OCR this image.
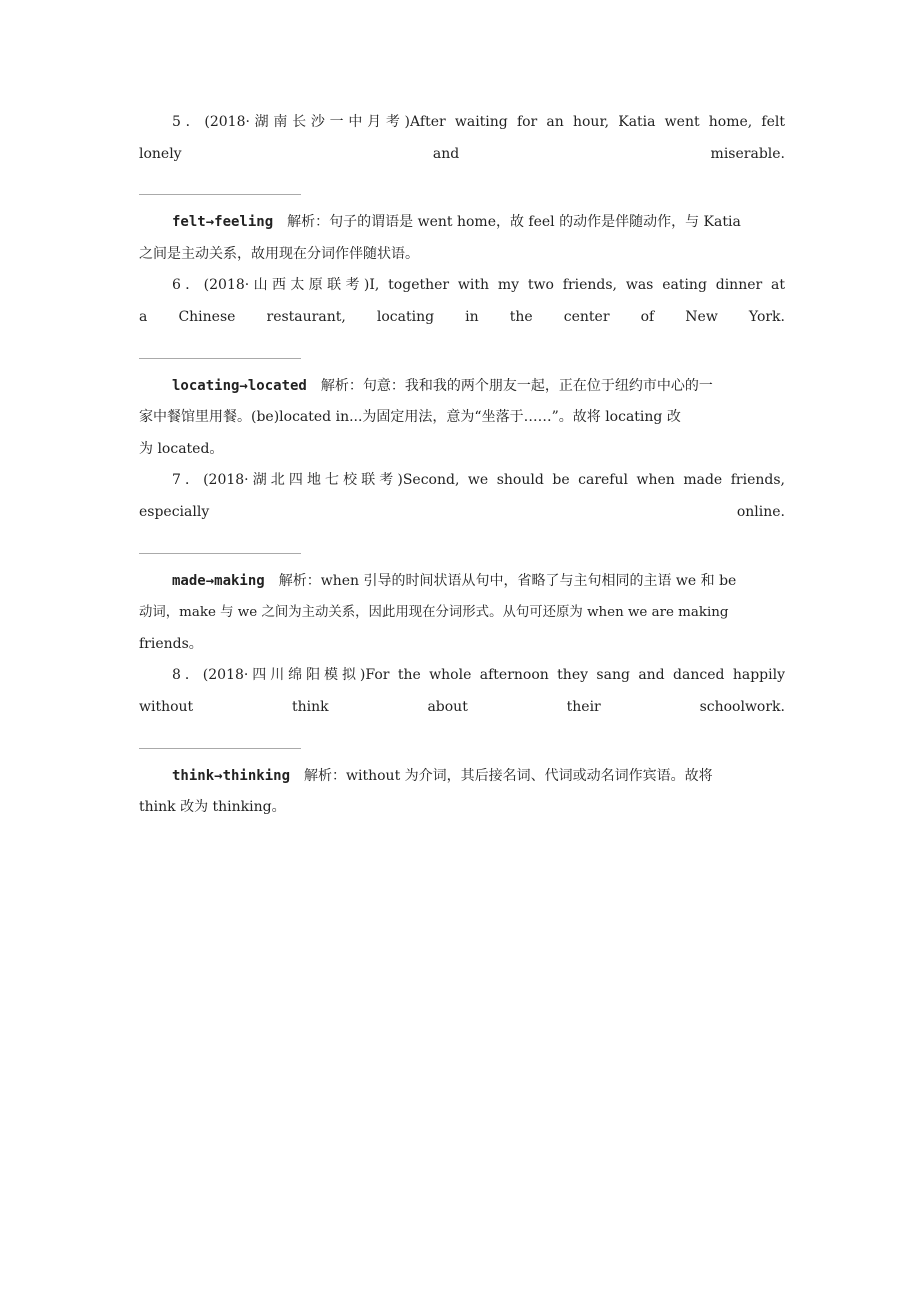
5．(2018·湖南长沙一中月考)After waiting for an hour, Katia went home, felt
lonely and miserable.
felt→feeling 解析：句子的谓语是 went home，故 feel 的动作是伴随动作，与 Katia
之间是主动关系，故用现在分词作伴随状语。
6．(2018·山西太原联考)I, together with my two friends, was eating dinner at
a Chinese restaurant, locating in the center of New York.
locating→located 解析：句意：我和我的两个朋友一起，正在位于纽约市中心的一
家中餐馆里用餐。(be)located in...为固定用法，意为“坐落于……”。故将 locating 改
为 located。
7．(2018·湖北四地七校联考)Second, we should be careful when made friends,
especially online.
made→making 解析：when 引导的时间状语从句中，省略了与主句相同的主语 we 和 be
动词，make 与 we 之间为主动关系，因此用现在分词形式。从句可还原为 when we are making
friends。
8．(2018·四川绵阳模拟)For the whole afternoon they sang and danced happily
without think about their schoolwork.
think→thinking 解析：without 为介词，其后接名词、代词或动名词作宾语。故将
think 改为 thinking。
